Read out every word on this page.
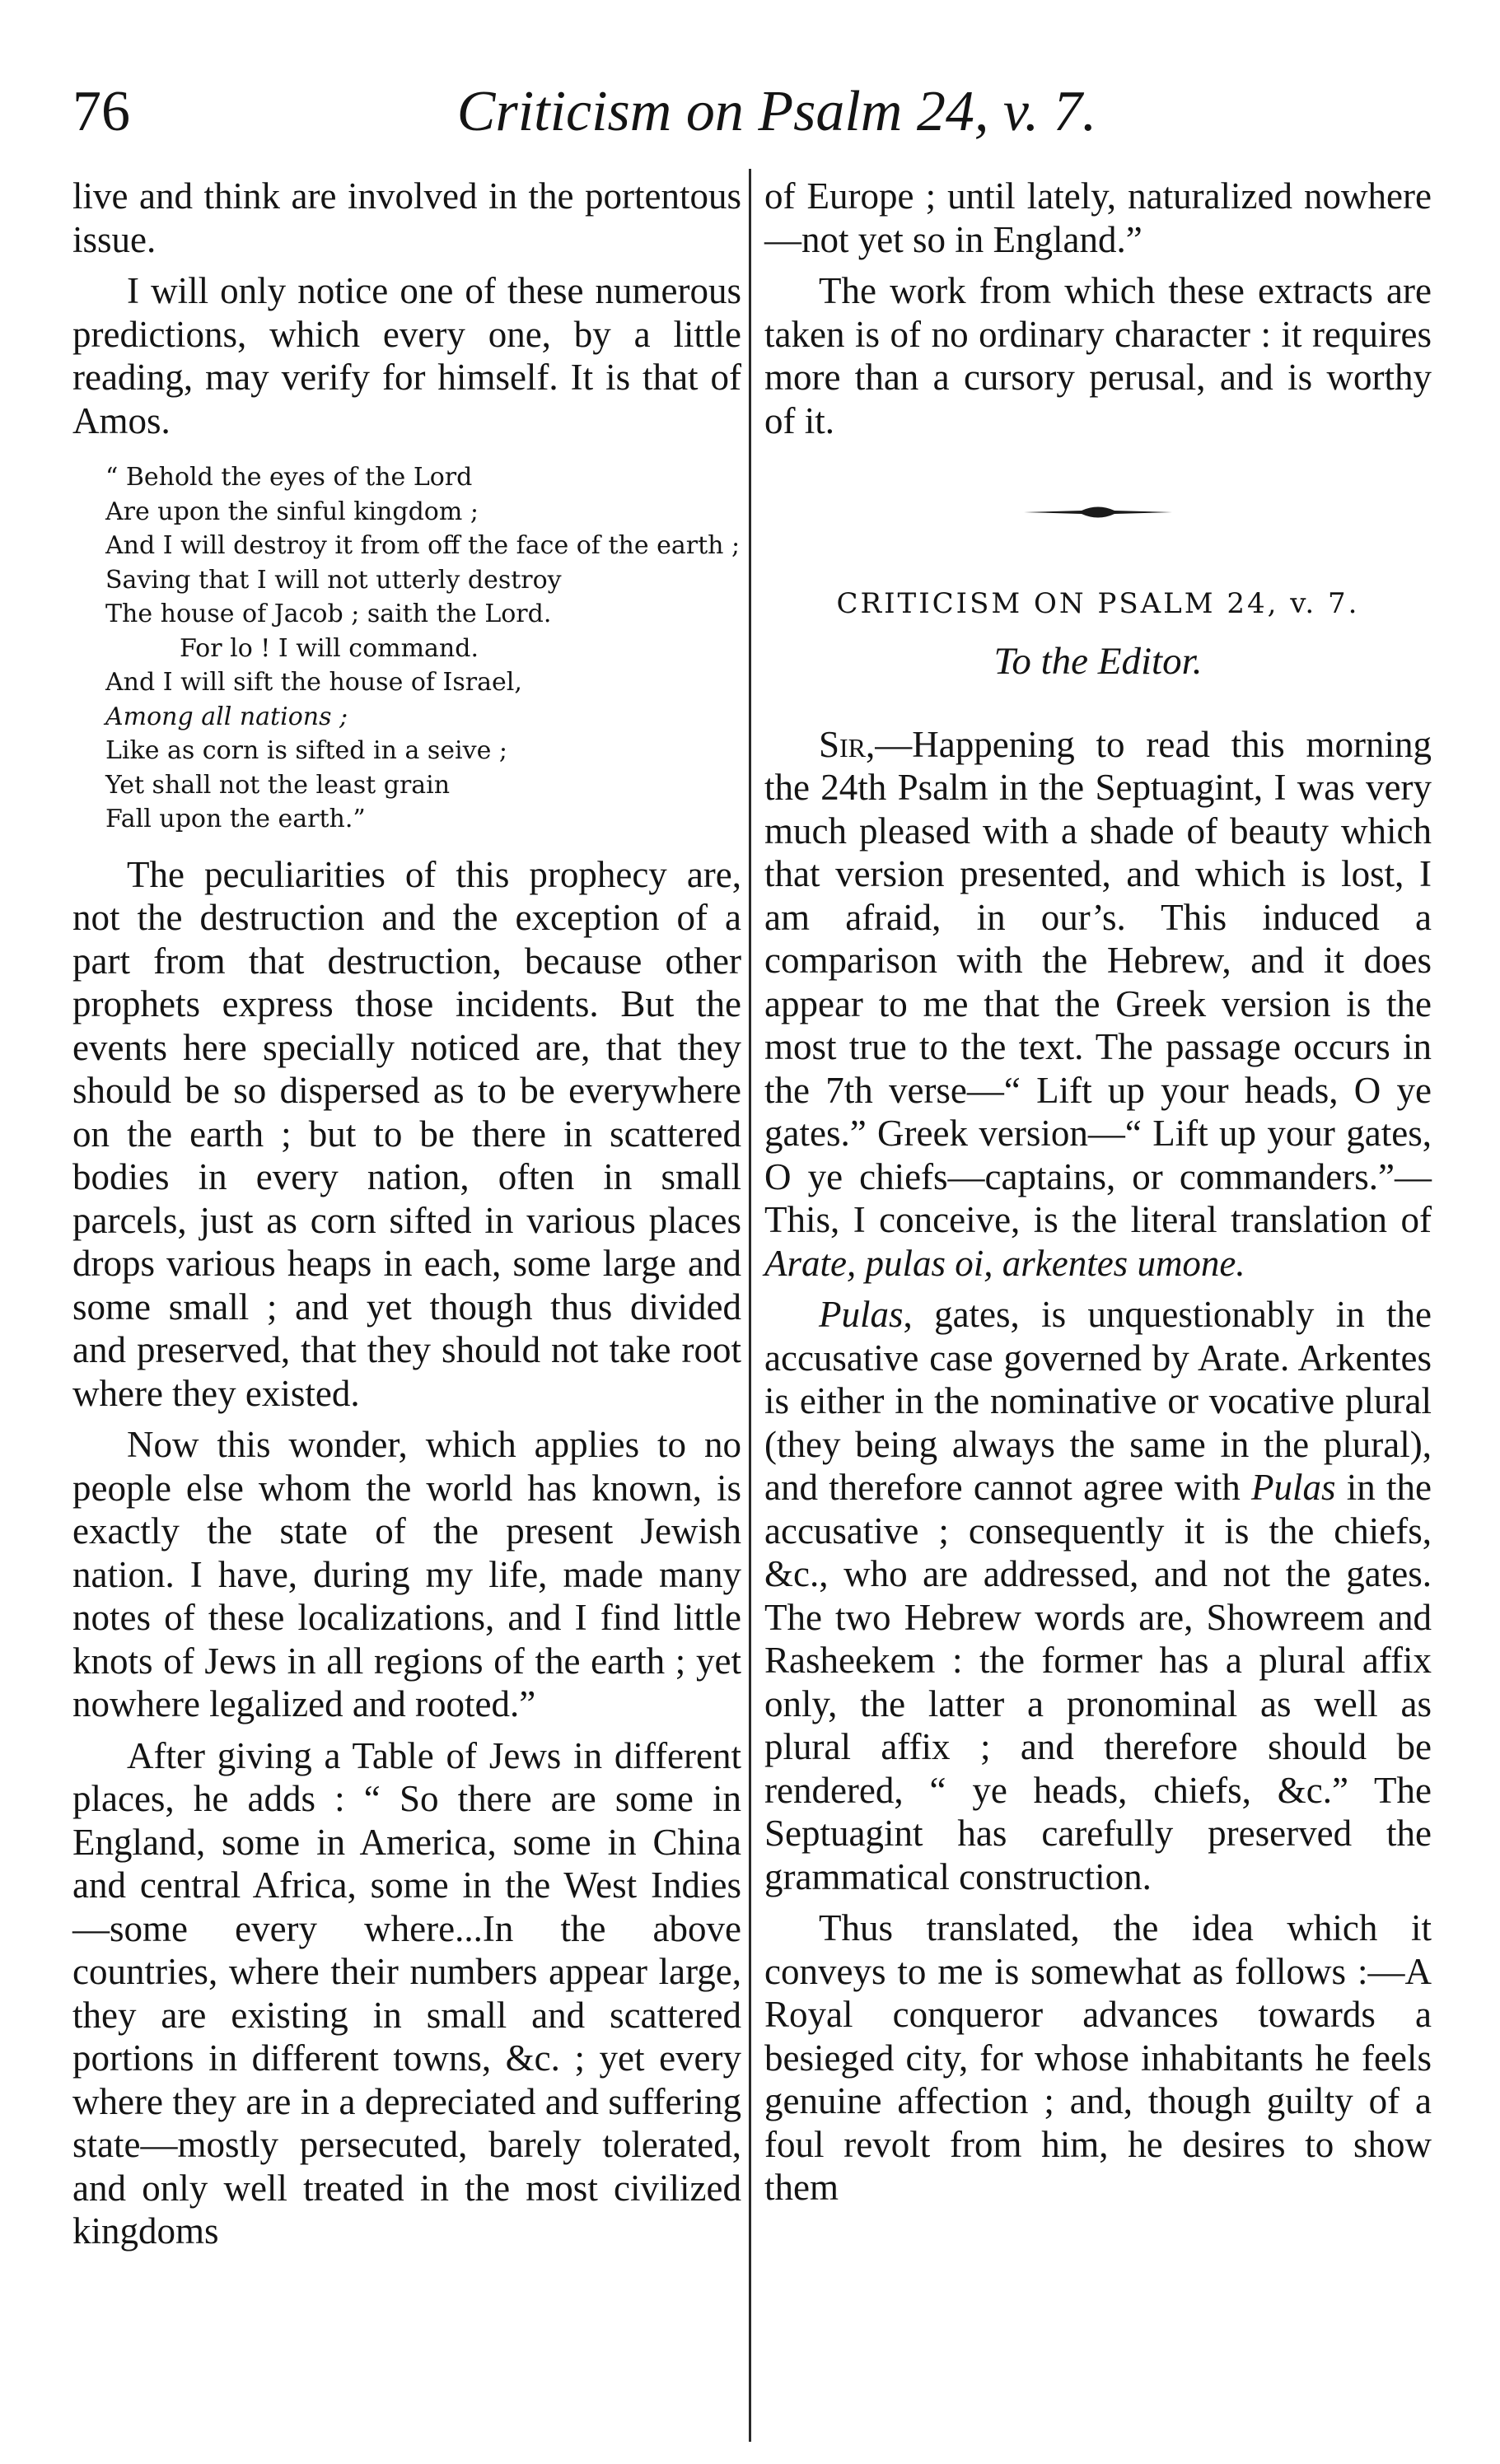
76	Criticism on Psalm 24, v. 7.

live and think are involved in the portentous issue.

I will only notice one of these numerous predictions, which every one, by a little reading, may verify for himself. It is that of Amos.

“ Behold the eyes of the Lord
Are upon the sinful kingdom ;
And I will destroy it from off the face of the earth ;
Saving that I will not utterly destroy
The house of Jacob ; saith the Lord.
For lo ! I will command.
And I will sift the house of Israel,
Among all nations ;
Like as corn is sifted in a seive ;
Yet shall not the least grain
Fall upon the earth.”

The peculiarities of this prophecy are, not the destruction and the exception of a part from that destruction, because other prophets express those incidents. But the events here specially noticed are, that they should be so dispersed as to be everywhere on the earth ; but to be there in scattered bodies in every nation, often in small parcels, just as corn sifted in various places drops various heaps in each, some large and some small ; and yet though thus divided and preserved, that they should not take root where they existed.

Now this wonder, which applies to no people else whom the world has known, is exactly the state of the present Jewish nation. I have, during my life, made many notes of these localizations, and I find little knots of Jews in all regions of the earth ; yet nowhere legalized and rooted.”

After giving a Table of Jews in different places, he adds : “ So there are some in England, some in America, some in China and central Africa, some in the West Indies—some every where...In the above countries, where their numbers appear large, they are existing in small and scattered portions in different towns, &c. ; yet every where they are in a depreciated and suffering state—mostly persecuted, barely tolerated, and only well treated in the most civilized kingdoms

of Europe ; until lately, naturalized nowhere—not yet so in England.”

The work from which these extracts are taken is of no ordinary character : it requires more than a cursory perusal, and is worthy of it.

CRITICISM ON PSALM 24, v. 7.

To the Editor.

Sir,—Happening to read this morning the 24th Psalm in the Septuagint, I was very much pleased with a shade of beauty which that version presented, and which is lost, I am afraid, in our’s. This induced a comparison with the Hebrew, and it does appear to me that the Greek version is the most true to the text. The passage occurs in the 7th verse—“ Lift up your heads, O ye gates.” Greek version—“ Lift up your gates, O ye chiefs—captains, or commanders.”— This, I conceive, is the literal translation of Arate, pulas oi, arkentes umone.

Pulas, gates, is unquestionably in the accusative case governed by Arate. Arkentes is either in the nominative or vocative plural (they being always the same in the plural), and therefore cannot agree with Pulas in the accusative ; consequently it is the chiefs, &c., who are addressed, and not the gates. The two Hebrew words are, Showreem and Rasheekem : the former has a plural affix only, the latter a pronominal as well as plural affix ; and therefore should be rendered, “ ye heads, chiefs, &c.” The Septuagint has carefully preserved the grammatical construction.

Thus translated, the idea which it conveys to me is somewhat as follows :—A Royal conqueror advances towards a besieged city, for whose inhabitants he feels genuine affection ; and, though guilty of a foul revolt from him, he desires to show them
